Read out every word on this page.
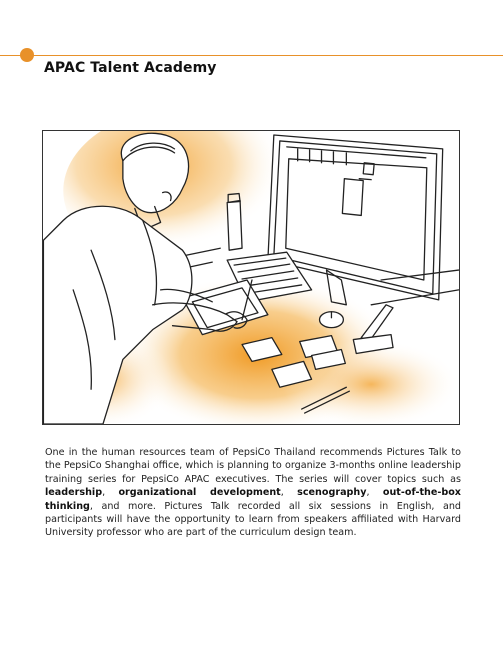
APAC Talent Academy

One in the human resources team of PepsiCo Thailand recommends Pictures Talk to the PepsiCo Shanghai office, which is planning to organize 3-months online leadership training series for PepsiCo APAC executives. The series will cover topics such as leadership, organizational development, scenography, out-of-the-box thinking, and more. Pictures Talk recorded all six sessions in English, and participants will have the opportunity to learn from speakers affiliated with Harvard University professor who are part of the curriculum design team.
